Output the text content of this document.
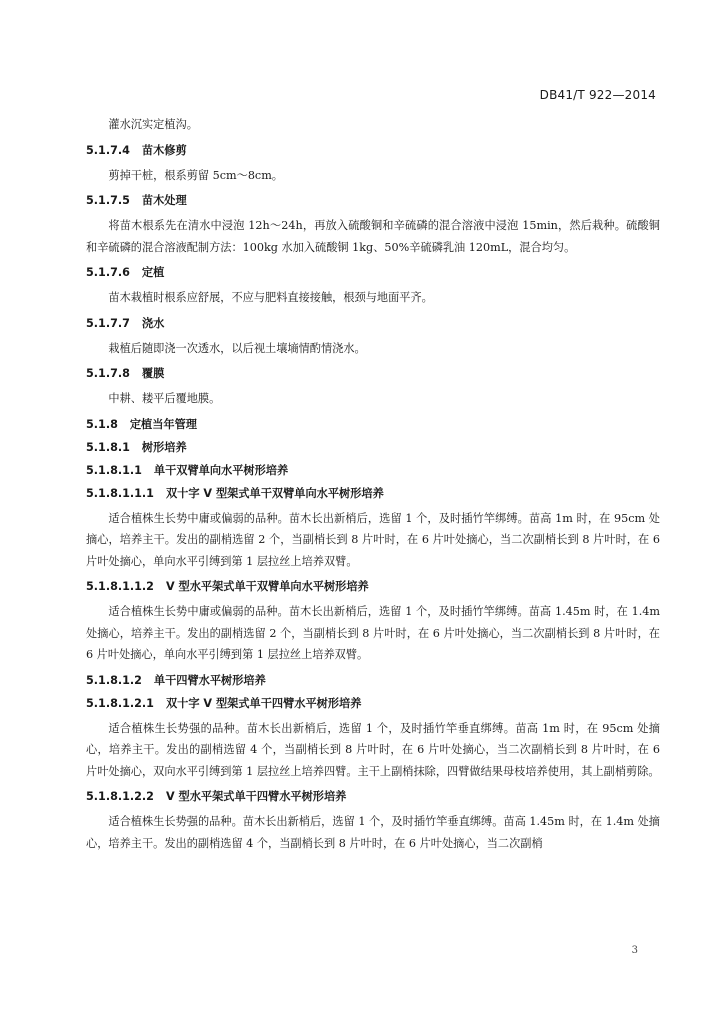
DB41/T 922—2014

灌水沉实定植沟。

5.1.7.4 苗木修剪

剪掉干桩，根系剪留 5cm～8cm。

5.1.7.5 苗木处理

将苗木根系先在清水中浸泡 12h～24h，再放入硫酸铜和辛硫磷的混合溶液中浸泡 15min，然后栽种。硫酸铜和辛硫磷的混合溶液配制方法：100kg 水加入硫酸铜 1kg、50%辛硫磷乳油 120mL，混合均匀。

5.1.7.6 定植

苗木栽植时根系应舒展，不应与肥料直接接触，根颈与地面平齐。

5.1.7.7 浇水

栽植后随即浇一次透水，以后视土壤墒情酌情浇水。

5.1.7.8 覆膜

中耕、耧平后覆地膜。

5.1.8 定植当年管理
5.1.8.1 树形培养
5.1.8.1.1 单干双臂单向水平树形培养
5.1.8.1.1.1 双十字 V 型架式单干双臂单向水平树形培养

适合植株生长势中庸或偏弱的品种。苗木长出新梢后，选留 1 个，及时插竹竿绑缚。苗高 1m 时，在 95cm 处摘心，培养主干。发出的副梢选留 2 个，当副梢长到 8 片叶时，在 6 片叶处摘心，当二次副梢长到 8 片叶时，在 6 片叶处摘心，单向水平引缚到第 1 层拉丝上培养双臂。

5.1.8.1.1.2 V 型水平架式单干双臂单向水平树形培养

适合植株生长势中庸或偏弱的品种。苗木长出新梢后，选留 1 个，及时插竹竿绑缚。苗高 1.45m 时，在 1.4m 处摘心，培养主干。发出的副梢选留 2 个，当副梢长到 8 片叶时，在 6 片叶处摘心，当二次副梢长到 8 片叶时，在 6 片叶处摘心，单向水平引缚到第 1 层拉丝上培养双臂。

5.1.8.1.2 单干四臂水平树形培养
5.1.8.1.2.1 双十字 V 型架式单干四臂水平树形培养

适合植株生长势强的品种。苗木长出新梢后，选留 1 个，及时插竹竿垂直绑缚。苗高 1m 时，在 95cm 处摘心，培养主干。发出的副梢选留 4 个，当副梢长到 8 片叶时，在 6 片叶处摘心，当二次副梢长到 8 片叶时，在 6 片叶处摘心，双向水平引缚到第 1 层拉丝上培养四臂。主干上副梢抹除，四臂做结果母枝培养使用，其上副梢剪除。

5.1.8.1.2.2 V 型水平架式单干四臂水平树形培养

适合植株生长势强的品种。苗木长出新梢后，选留 1 个，及时插竹竿垂直绑缚。苗高 1.45m 时，在 1.4m 处摘心，培养主干。发出的副梢选留 4 个，当副梢长到 8 片叶时，在 6 片叶处摘心，当二次副梢

3
